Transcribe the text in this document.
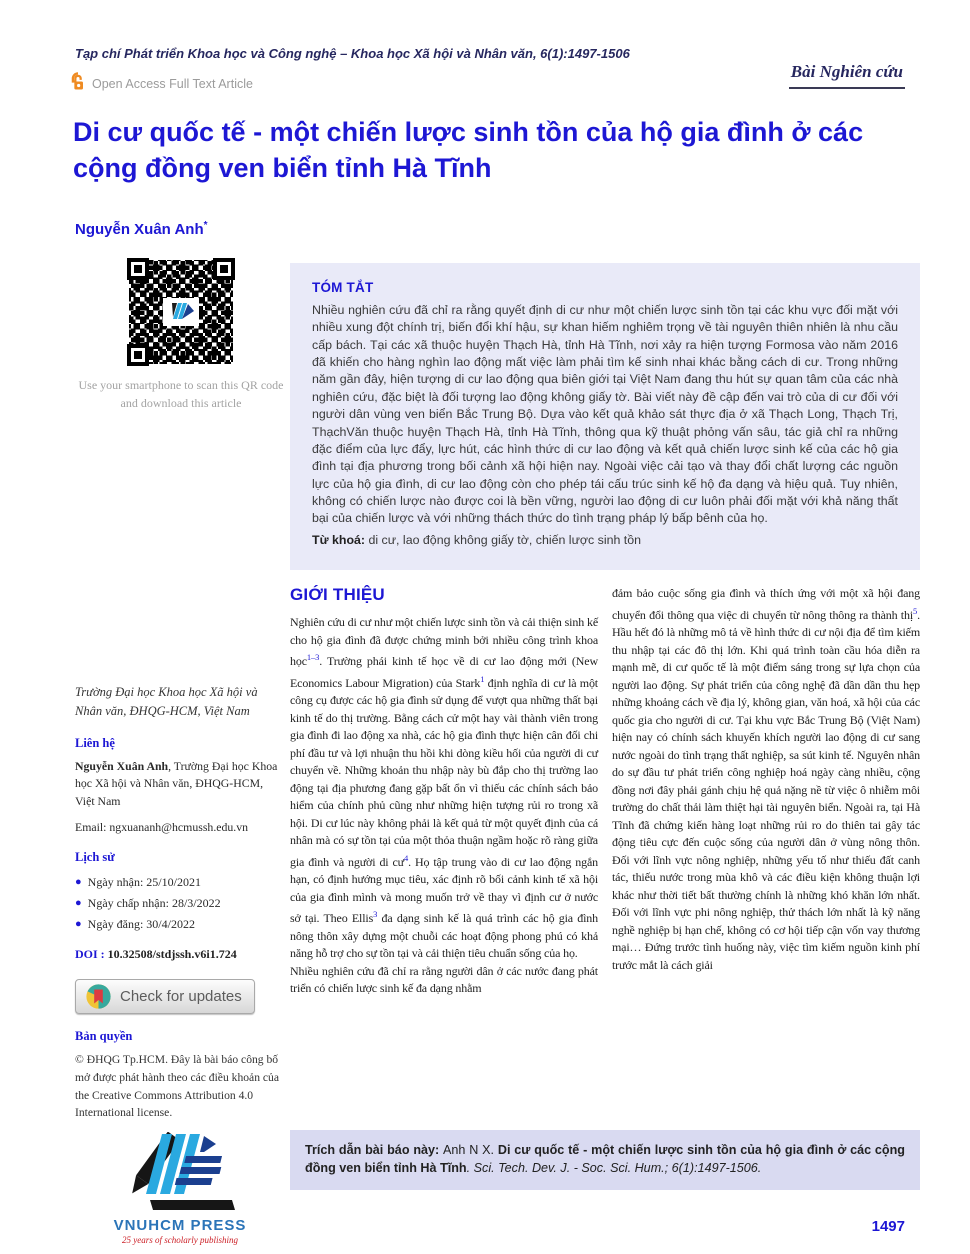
Tạp chí Phát triển Khoa học và Công nghệ – Khoa học Xã hội và Nhân văn, 6(1):1497-1506
Open Access Full Text Article
Bài Nghiên cứu
Di cư quốc tế - một chiến lược sinh tồn của hộ gia đình ở các cộng đồng ven biển tỉnh Hà Tĩnh
Nguyễn Xuân Anh*
Use your smartphone to scan this QR code and download this article
TÓM TẮT
Nhiều nghiên cứu đã chỉ ra rằng quyết định di cư như một chiến lược sinh tồn tại các khu vực đối mặt với nhiều xung đột chính trị, biến đổi khí hậu, sự khan hiếm nghiêm trọng về tài nguyên thiên nhiên là nhu cầu cấp bách. Tại các xã thuộc huyện Thạch Hà, tỉnh Hà Tĩnh, nơi xảy ra hiện tượng Formosa vào năm 2016 đã khiến cho hàng nghìn lao động mất việc làm phải tìm kế sinh nhai khác bằng cách di cư. Trong những năm gần đây, hiện tượng di cư lao động qua biên giới tại Việt Nam đang thu hút sự quan tâm của các nhà nghiên cứu, đặc biệt là đối tượng lao động không giấy tờ. Bài viết này đề cập đến vai trò của di cư đối với người dân vùng ven biển Bắc Trung Bộ. Dựa vào kết quả khảo sát thực địa ở xã Thạch Long, Thạch Trị, ThạchVăn thuộc huyện Thạch Hà, tỉnh Hà Tĩnh, thông qua kỹ thuật phỏng vấn sâu, tác giả chỉ ra những đặc điểm của lực đẩy, lực hút, các hình thức di cư lao động và kết quả chiến lược sinh kế của các hộ gia đình tại địa phương trong bối cảnh xã hội hiện nay. Ngoài việc cải tạo và thay đổi chất lượng các nguồn lực của hộ gia đình, di cư lao động còn cho phép tái cấu trúc sinh kế hộ đa dạng và hiệu quả. Tuy nhiên, không có chiến lược nào được coi là bền vững, người lao động di cư luôn phải đối mặt với khả năng thất bại của chiến lược và với những thách thức do tình trạng pháp lý bấp bênh của họ.
Từ khoá: di cư, lao động không giấy tờ, chiến lược sinh tồn
Trường Đại học Khoa học Xã hội và Nhân văn, ĐHQG-HCM, Việt Nam
Liên hệ
Nguyễn Xuân Anh, Trường Đại học Khoa học Xã hội và Nhân văn, ĐHQG-HCM, Việt Nam
Email: ngxuananh@hcmussh.edu.vn
Lịch sử
● Ngày nhận: 25/10/2021
● Ngày chấp nhận: 28/3/2022
● Ngày đăng: 30/4/2022
DOI : 10.32508/stdjssh.v6i1.724
Check for updates
Bản quyền
© ĐHQG Tp.HCM. Đây là bài báo công bố mở được phát hành theo các điều khoản của the Creative Commons Attribution 4.0 International license.
VNUHCM PRESS
25 years of scholarly publishing
GIỚI THIỆU

Nghiên cứu di cư như một chiến lược sinh tồn và cải thiện sinh kế cho hộ gia đình đã được chứng minh bởi nhiều công trình khoa học$^{1-3}$. Trường phái kinh tế học về di cư lao động mới (New Economics Labour Migration) của Stark$^1$ định nghĩa di cư là một công cụ được các hộ gia đình sử dụng để vượt qua những thất bại kinh tế do thị trường. Bằng cách cử một hay vài thành viên trong gia đình đi lao động xa nhà, các hộ gia đình thực hiện cân đối chi phí đầu tư và lợi nhuận thu hồi khi dòng kiều hối của người di cư chuyển về. Những khoản thu nhập này bù đắp cho thị trường lao động tại địa phương đang gặp bất ổn vì thiếu các chính sách bảo hiểm của chính phủ cũng như những hiện tượng rủi ro trong xã hội. Di cư lúc này không phải là kết quả từ một quyết định của cá nhân mà có sự tồn tại của một thỏa thuận ngầm hoặc rõ ràng giữa gia đình và người di cư$^4$. Họ tập trung vào di cư lao động ngắn hạn, có định hướng mục tiêu, xác định rõ bối cảnh kinh tế xã hội của gia đình mình và mong muốn trở về thay vì định cư ở nước sở tại. Theo Ellis$^3$ đa dạng sinh kế là quá trình các hộ gia đình nông thôn xây dựng một chuỗi các hoạt động phong phú có khả năng hỗ trợ cho sự tồn tại và cải thiện tiêu chuẩn sống của họ.

Nhiều nghiên cứu đã chỉ ra rằng người dân ở các nước đang phát triển có chiến lược sinh kế đa dạng nhằm

đảm bảo cuộc sống gia đình và thích ứng với một xã hội đang chuyển đổi thông qua việc di chuyển từ nông thông ra thành thị$^5$. Hầu hết đó là những mô tả về hình thức di cư nội địa để tìm kiếm thu nhập tại các đô thị lớn. Khi quá trình toàn cầu hóa diễn ra mạnh mẽ, di cư quốc tế là một điểm sáng trong sự lựa chọn của người lao động. Sự phát triển của công nghệ đã dần dần thu hẹp những khoảng cách về địa lý, không gian, văn hoá, xã hội của các quốc gia cho người di cư. Tại khu vực Bắc Trung Bộ (Việt Nam) hiện nay có chính sách khuyến khích người lao động di cư sang nước ngoài do tình trạng thất nghiệp, sa sút kinh tế. Nguyên nhân do sự đầu tư phát triển công nghiệp hoá ngày càng nhiều, cộng đồng nơi đây phải gánh chịu hệ quả nặng nề từ việc ô nhiễm môi trường do chất thải làm thiệt hại tài nguyên biển. Ngoài ra, tại Hà Tĩnh đã chứng kiến hàng loạt những rủi ro do thiên tai gây tác động tiêu cực đến cuộc sống của người dân ở vùng nông thôn. Đối với lĩnh vực nông nghiệp, những yếu tố như thiếu đất canh tác, thiếu nước trong mùa khô và các điều kiện không thuận lợi khác như thời tiết bất thường chính là những khó khăn lớn nhất. Đối với lĩnh vực phi nông nghiệp, thử thách lớn nhất là kỹ năng nghề nghiệp bị hạn chế, không có cơ hội tiếp cận vốn vay thương mại… Đứng trước tình huống này, việc tìm kiếm nguồn kinh phí trước mắt là cách giải

Trích dẫn bài báo này: Anh N X. Di cư quốc tế - một chiến lược sinh tồn của hộ gia đình ở các cộng đồng ven biển tỉnh Hà Tĩnh. Sci. Tech. Dev. J. - Soc. Sci. Hum.; 6(1):1497-1506.
1497
